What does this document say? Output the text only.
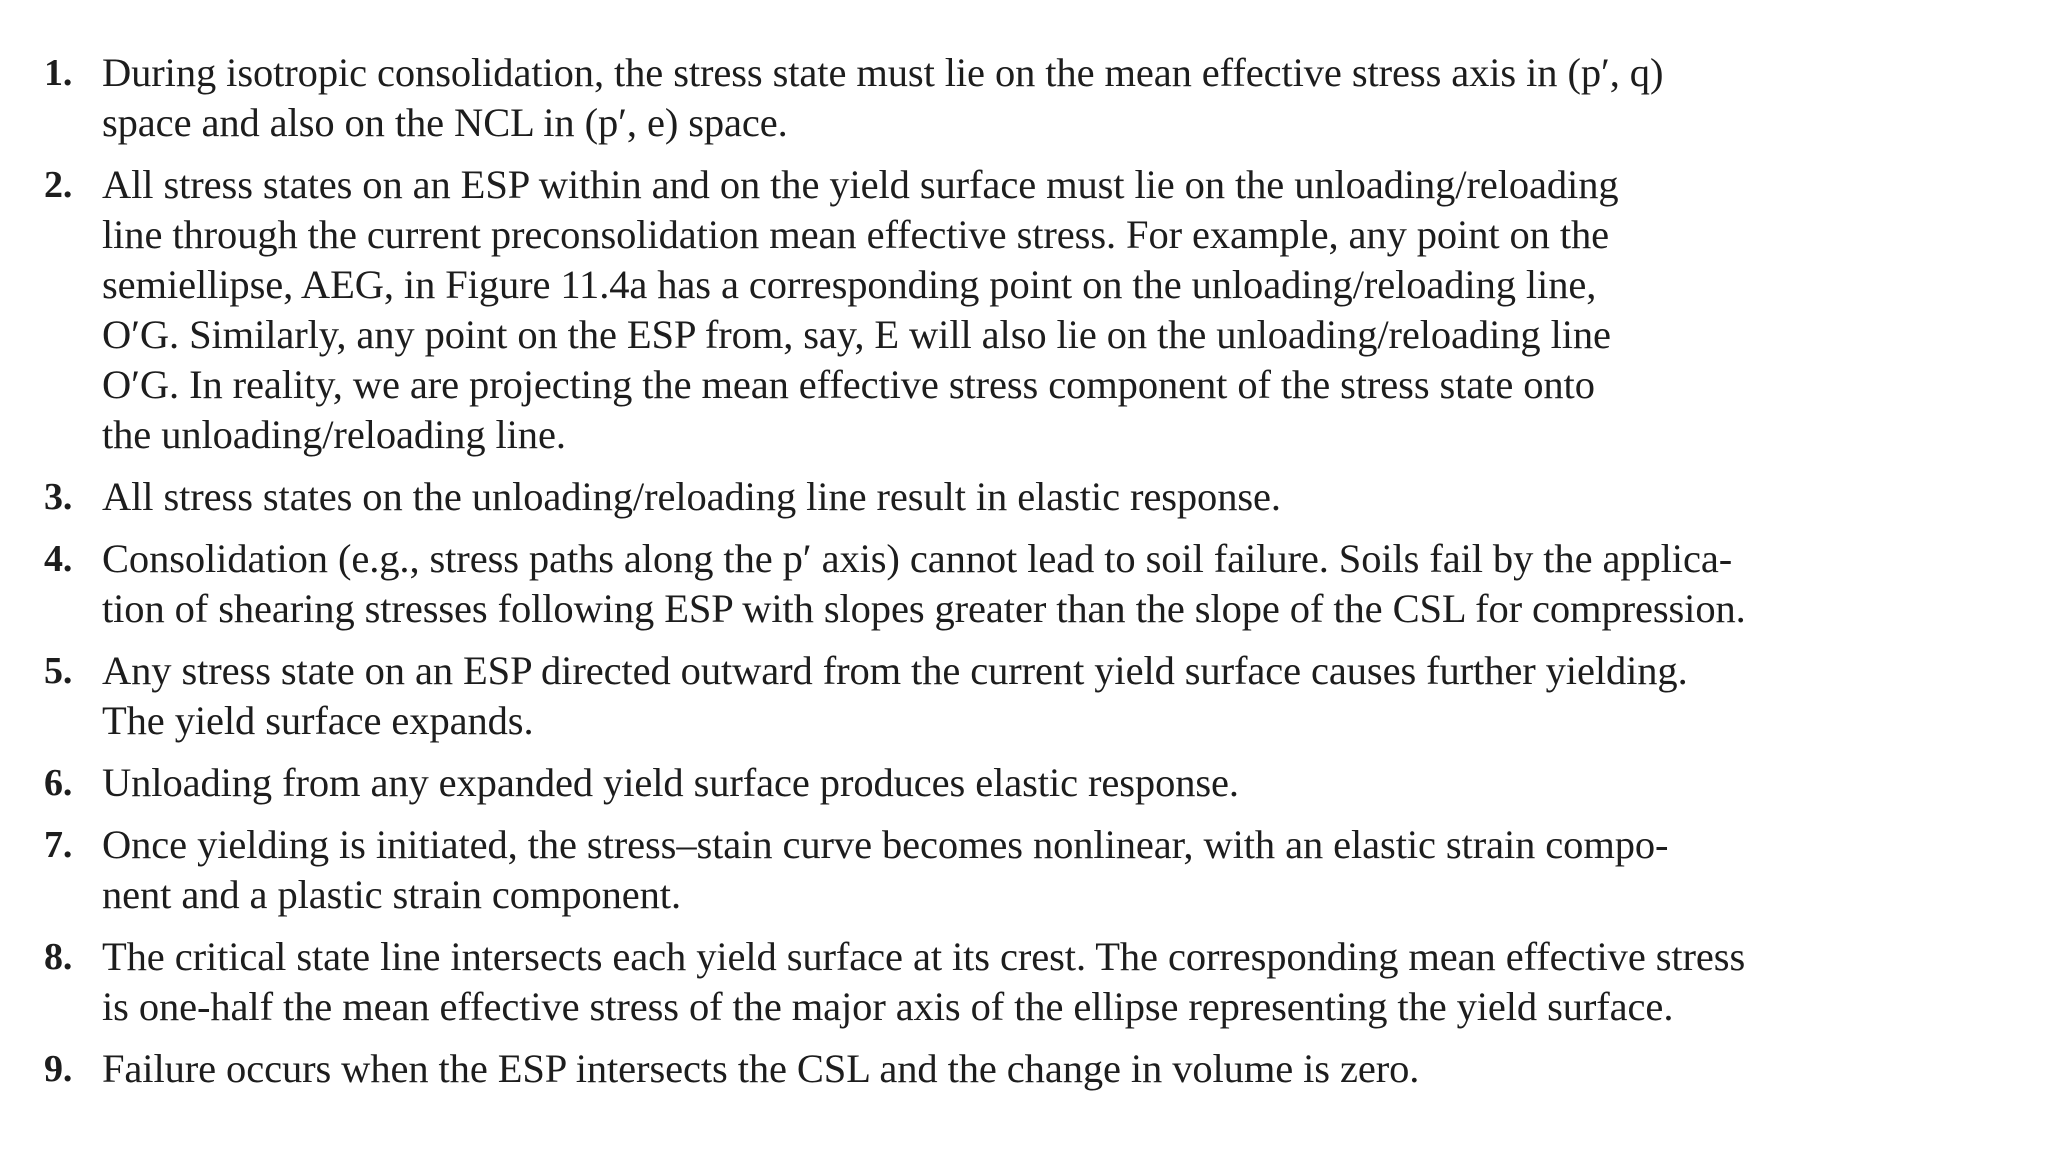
1. During isotropic consolidation, the stress state must lie on the mean effective stress axis in (p′, q)
space and also on the NCL in (p′, e) space.
2. All stress states on an ESP within and on the yield surface must lie on the unloading/reloading
line through the current preconsolidation mean effective stress. For example, any point on the
semiellipse, AEG, in Figure 11.4a has a corresponding point on the unloading/reloading line,
O′G. Similarly, any point on the ESP from, say, E will also lie on the unloading/reloading line
O′G. In reality, we are projecting the mean effective stress component of the stress state onto
the unloading/reloading line.
3. All stress states on the unloading/reloading line result in elastic response.
4. Consolidation (e.g., stress paths along the p′ axis) cannot lead to soil failure. Soils fail by the applica-
tion of shearing stresses following ESP with slopes greater than the slope of the CSL for compression.
5. Any stress state on an ESP directed outward from the current yield surface causes further yielding.
The yield surface expands.
6. Unloading from any expanded yield surface produces elastic response.
7. Once yielding is initiated, the stress–stain curve becomes nonlinear, with an elastic strain compo-
nent and a plastic strain component.
8. The critical state line intersects each yield surface at its crest. The corresponding mean effective stress
is one-half the mean effective stress of the major axis of the ellipse representing the yield surface.
9. Failure occurs when the ESP intersects the CSL and the change in volume is zero.
